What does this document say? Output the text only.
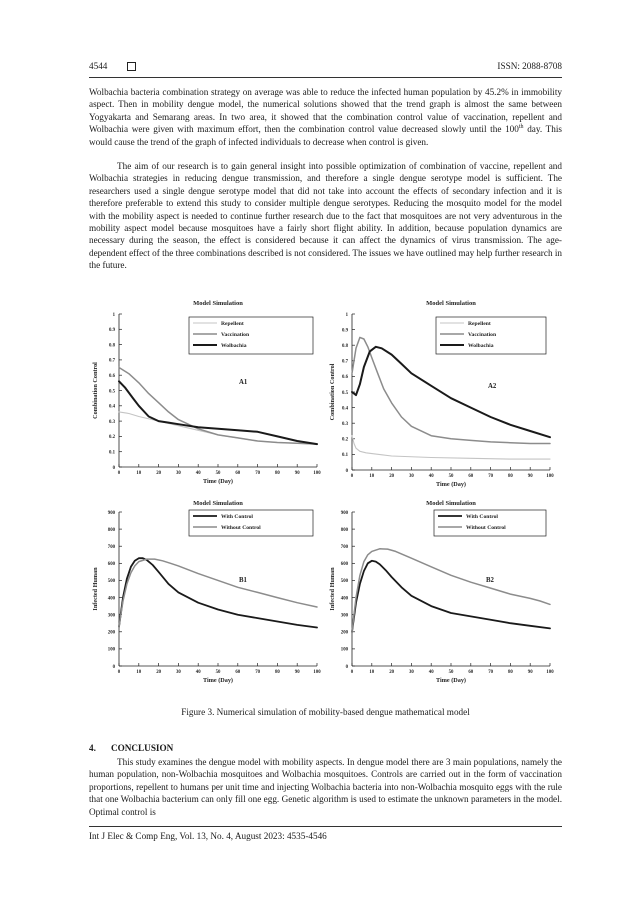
4544	ISSN: 2088-8708

Wolbachia bacteria combination strategy on average was able to reduce the infected human population by 45.2% in immobility aspect. Then in mobility dengue model, the numerical solutions showed that the trend graph is almost the same between Yogyakarta and Semarang areas. In two area, it showed that the combination control value of vaccination, repellent and Wolbachia were given with maximum effort, then the combination control value decreased slowly until the 100th day. This would cause the trend of the graph of infected individuals to decrease when control is given.

The aim of our research is to gain general insight into possible optimization of combination of vaccine, repellent and Wolbachia strategies in reducing dengue transmission, and therefore a single dengue serotype model is sufficient. The researchers used a single dengue serotype model that did not take into account the effects of secondary infection and it is therefore preferable to extend this study to consider multiple dengue serotypes. Reducing the mosquito model for the model with the mobility aspect is needed to continue further research due to the fact that mosquitoes are not very adventurous in the mobility aspect model because mosquitoes have a fairly short flight ability. In addition, because population dynamics are necessary during the season, the effect is considered because it can affect the dynamics of virus transmission. The age-dependent effect of the three combinations described is not considered. The issues we have outlined may help further research in the future.

Model Simulation
0
0.1
0.2
0.3
0.4
0.5
0.6
0.7
0.8
0.9
1
0	10	20	30	40	50	60	70	80	90	100
Time (Day)
Combination Control
Repellent
Vaccination
Wolbachia
A1
Model Simulation
0
0.1
0.2
0.3
0.4
0.5
0.6
0.7
0.8
0.9
1
0	10	20	30	40	50	60	70	80	90	100
Time (Day)
Combination Control
Repellent
Vaccination
Wolbachia
A2
Model Simulation
0
100
200
300
400
500
600
700
800
900
0	10	20	30	40	50	60	70	80	90	100
Time (Day)
Infected Human
With Control
Without Control
B1
Model Simulation
0
100
200
300
400
500
600
700
800
900
0	10	20	30	40	50	60	70	80	90	100
Time (Day)
Infected Human
With Control
Without Control
B2
Figure 3. Numerical simulation of mobility-based dengue mathematical model
4. CONCLUSION

This study examines the dengue model with mobility aspects. In dengue model there are 3 main populations, namely the human population, non-Wolbachia mosquitoes and Wolbachia mosquitoes. Controls are carried out in the form of vaccination proportions, repellent to humans per unit time and injecting Wolbachia bacteria into non-Wolbachia mosquito eggs with the rule that one Wolbachia bacterium can only fill one egg. Genetic algorithm is used to estimate the unknown parameters in the model. Optimal control is

Int J Elec & Comp Eng, Vol. 13, No. 4, August 2023: 4535-4546
